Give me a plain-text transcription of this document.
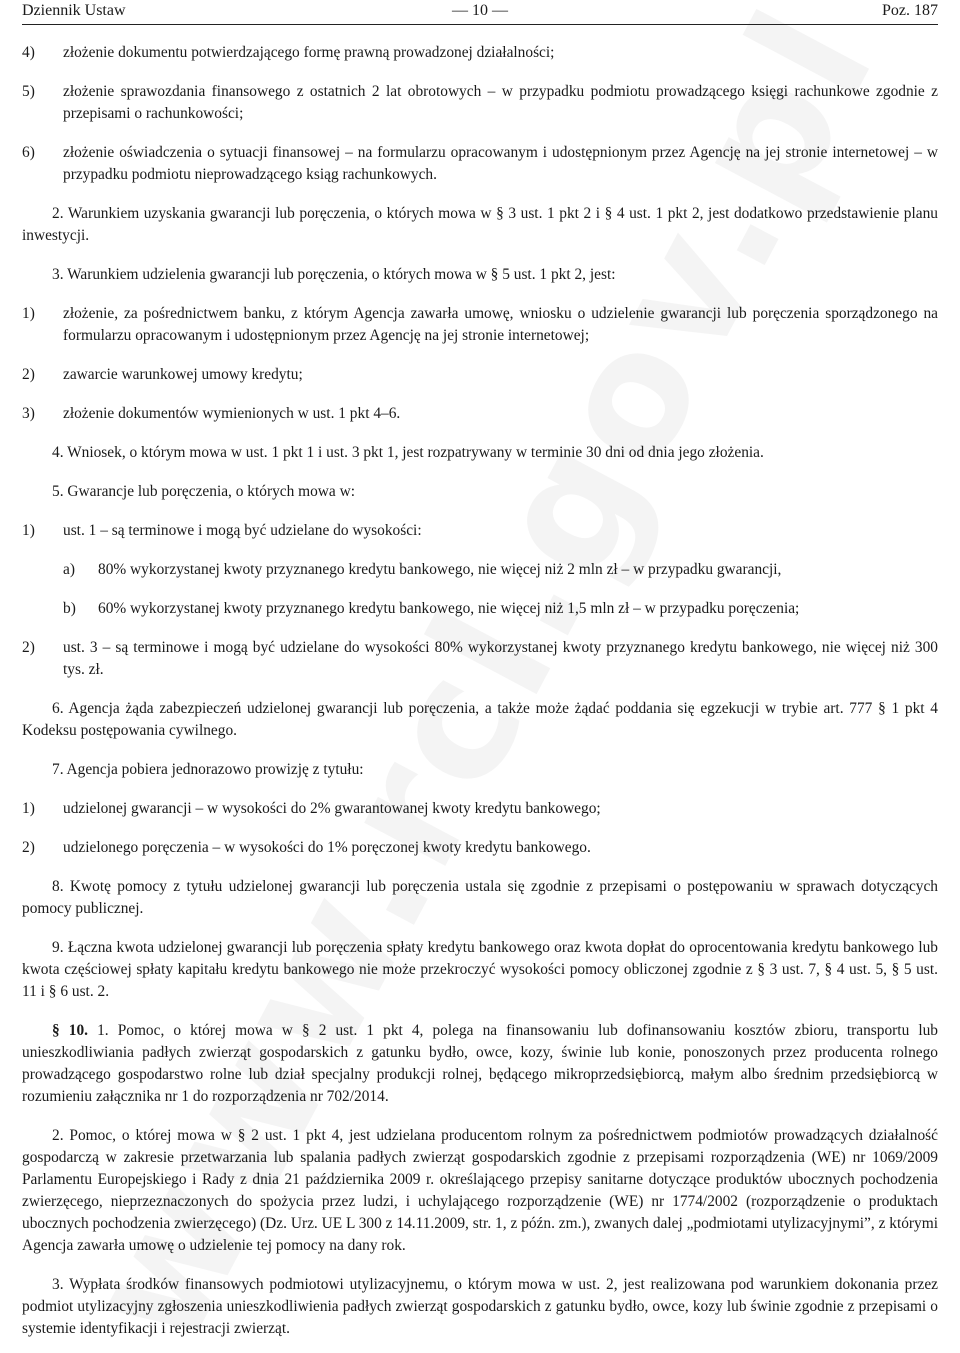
Dziennik Ustaw	— 10 —	Poz. 187
4) złożenie dokumentu potwierdzającego formę prawną prowadzonej działalności;
5) złożenie sprawozdania finansowego z ostatnich 2 lat obrotowych – w przypadku podmiotu prowadzącego księgi rachunkowe zgodnie z przepisami o rachunkowości;
6) złożenie oświadczenia o sytuacji finansowej – na formularzu opracowanym i udostępnionym przez Agencję na jej stronie internetowej – w przypadku podmiotu nieprowadzącego ksiąg rachunkowych.
2. Warunkiem uzyskania gwarancji lub poręczenia, o których mowa w § 3 ust. 1 pkt 2 i § 4 ust. 1 pkt 2, jest dodatkowo przedstawienie planu inwestycji.
3. Warunkiem udzielenia gwarancji lub poręczenia, o których mowa w § 5 ust. 1 pkt 2, jest:
1) złożenie, za pośrednictwem banku, z którym Agencja zawarła umowę, wniosku o udzielenie gwarancji lub poręczenia sporządzonego na formularzu opracowanym i udostępnionym przez Agencję na jej stronie internetowej;
2) zawarcie warunkowej umowy kredytu;
3) złożenie dokumentów wymienionych w ust. 1 pkt 4–6.
4. Wniosek, o którym mowa w ust. 1 pkt 1 i ust. 3 pkt 1, jest rozpatrywany w terminie 30 dni od dnia jego złożenia.
5. Gwarancje lub poręczenia, o których mowa w:
1) ust. 1 – są terminowe i mogą być udzielane do wysokości:
a) 80% wykorzystanej kwoty przyznanego kredytu bankowego, nie więcej niż 2 mln zł – w przypadku gwarancji,
b) 60% wykorzystanej kwoty przyznanego kredytu bankowego, nie więcej niż 1,5 mln zł – w przypadku poręczenia;
2) ust. 3 – są terminowe i mogą być udzielane do wysokości 80% wykorzystanej kwoty przyznanego kredytu bankowego, nie więcej niż 300 tys. zł.
6. Agencja żąda zabezpieczeń udzielonej gwarancji lub poręczenia, a także może żądać poddania się egzekucji w trybie art. 777 § 1 pkt 4 Kodeksu postępowania cywilnego.
7. Agencja pobiera jednorazowo prowizję z tytułu:
1) udzielonej gwarancji – w wysokości do 2% gwarantowanej kwoty kredytu bankowego;
2) udzielonego poręczenia – w wysokości do 1% poręczonej kwoty kredytu bankowego.
8. Kwotę pomocy z tytułu udzielonej gwarancji lub poręczenia ustala się zgodnie z przepisami o postępowaniu w sprawach dotyczących pomocy publicznej.
9. Łączna kwota udzielonej gwarancji lub poręczenia spłaty kredytu bankowego oraz kwota dopłat do oprocentowania kredytu bankowego lub kwota częściowej spłaty kapitału kredytu bankowego nie może przekroczyć wysokości pomocy obliczonej zgodnie z § 3 ust. 7, § 4 ust. 5, § 5 ust. 11 i § 6 ust. 2.
§ 10. 1. Pomoc, o której mowa w § 2 ust. 1 pkt 4, polega na finansowaniu lub dofinansowaniu kosztów zbioru, transportu lub unieszkodliwiania padłych zwierząt gospodarskich z gatunku bydło, owce, kozy, świnie lub konie, ponoszonych przez producenta rolnego prowadzącego gospodarstwo rolne lub dział specjalny produkcji rolnej, będącego mikroprzedsiębiorcą, małym albo średnim przedsiębiorcą w rozumieniu załącznika nr 1 do rozporządzenia nr 702/2014.
2. Pomoc, o której mowa w § 2 ust. 1 pkt 4, jest udzielana producentom rolnym za pośrednictwem podmiotów prowadzących działalność gospodarczą w zakresie przetwarzania lub spalania padłych zwierząt gospodarskich zgodnie z przepisami rozporządzenia (WE) nr 1069/2009 Parlamentu Europejskiego i Rady z dnia 21 października 2009 r. określającego przepisy sanitarne dotyczące produktów ubocznych pochodzenia zwierzęcego, nieprzeznaczonych do spożycia przez ludzi, i uchylającego rozporządzenie (WE) nr 1774/2002 (rozporządzenie o produktach ubocznych pochodzenia zwierzęcego) (Dz. Urz. UE L 300 z 14.11.2009, str. 1, z późn. zm.), zwanych dalej „podmiotami utylizacyjnymi”, z którymi Agencja zawarła umowę o udzielenie tej pomocy na dany rok.
3. Wypłata środków finansowych podmiotowi utylizacyjnemu, o którym mowa w ust. 2, jest realizowana pod warunkiem dokonania przez podmiot utylizacyjny zgłoszenia unieszkodliwienia padłych zwierząt gospodarskich z gatunku bydło, owce, kozy lub świnie zgodnie z przepisami o systemie identyfikacji i rejestracji zwierząt.
